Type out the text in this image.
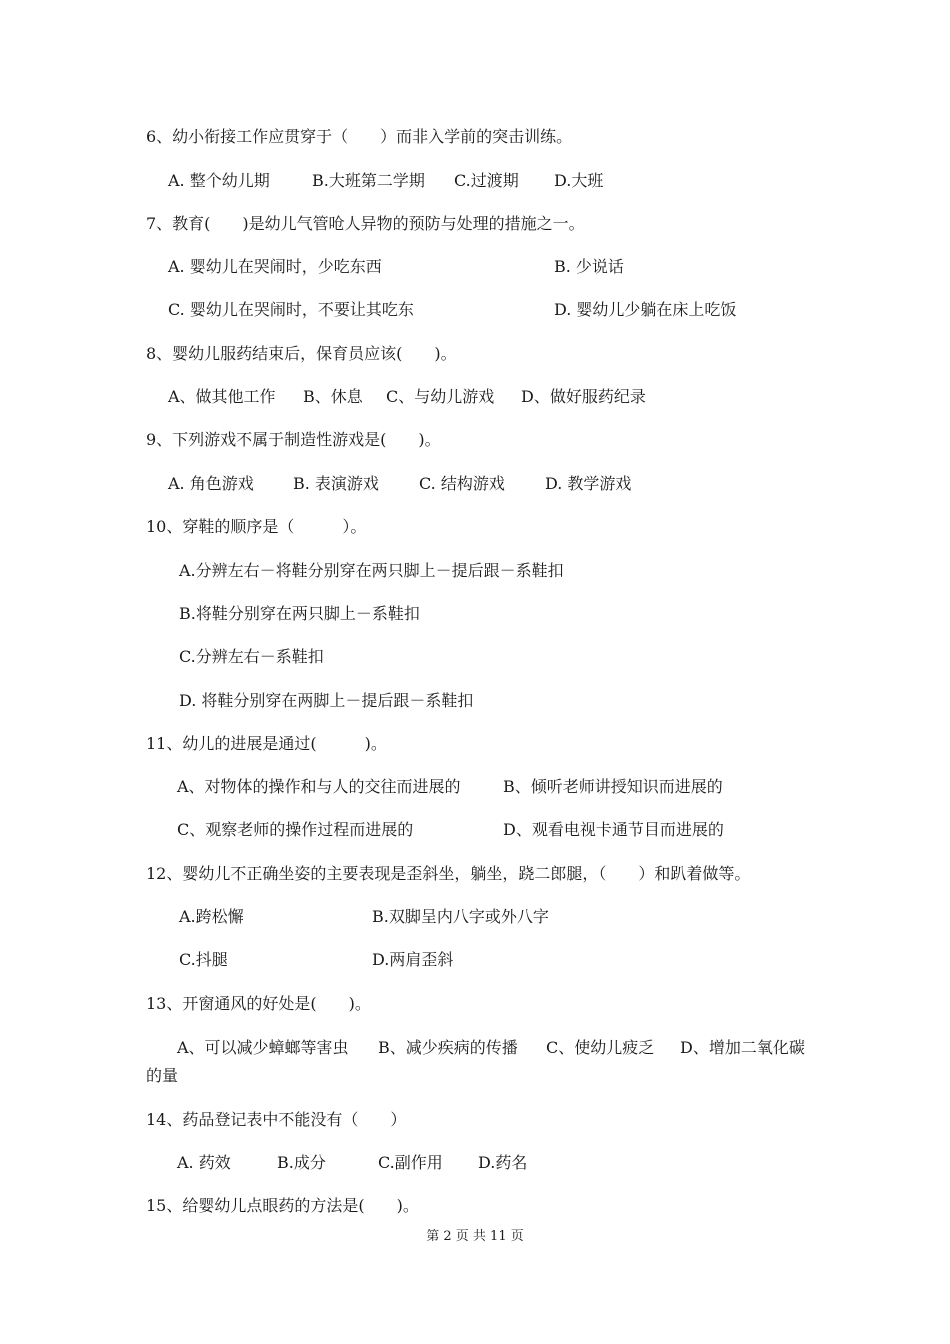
6、幼小衔接工作应贯穿于（　　）而非入学前的突击训练。
A. 整个幼儿期	B.大班第二学期 C.过渡期 D.大班
7、教育(　　)是幼儿气管呛人异物的预防与处理的措施之一。
A. 婴幼儿在哭闹时，少吃东西	B. 少说话
C. 婴幼儿在哭闹时，不要让其吃东	D. 婴幼儿少躺在床上吃饭
8、婴幼儿服药结束后，保育员应该(　　)。
A、做其他工作 B、休息 C、与幼儿游戏 D、做好服药纪录
9、下列游戏不属于制造性游戏是(　　)。
A. 角色游戏 B. 表演游戏	C. 结构游戏	D. 教学游戏
10、穿鞋的顺序是（　　　）。
A.分辨左右－将鞋分别穿在两只脚上－提后跟－系鞋扣
B.将鞋分别穿在两只脚上－系鞋扣
C.分辨左右－系鞋扣
D. 将鞋分别穿在两脚上－提后跟－系鞋扣
11、幼儿的进展是通过(　　　)。
A、对物体的操作和与人的交往而进展的	B、倾听老师讲授知识而进展的
C、观察老师的操作过程而进展的	D、观看电视卡通节目而进展的
12、婴幼儿不正确坐姿的主要表现是歪斜坐，躺坐，跷二郎腿，（　　）和趴着做等。
A.跨松懈	B.双脚呈内八字或外八字
C.抖腿	D.两肩歪斜
13、开窗通风的好处是(　　)。
A、可以减少蟑螂等害虫 B、减少疾病的传播 C、使幼儿疲乏 D、增加二氧化碳
的量
14、药品登记表中不能没有（　　）
A. 药效	B.成分	C.副作用 D.药名
15、给婴幼儿点眼药的方法是(　　)。
第 2 页 共 11 页
